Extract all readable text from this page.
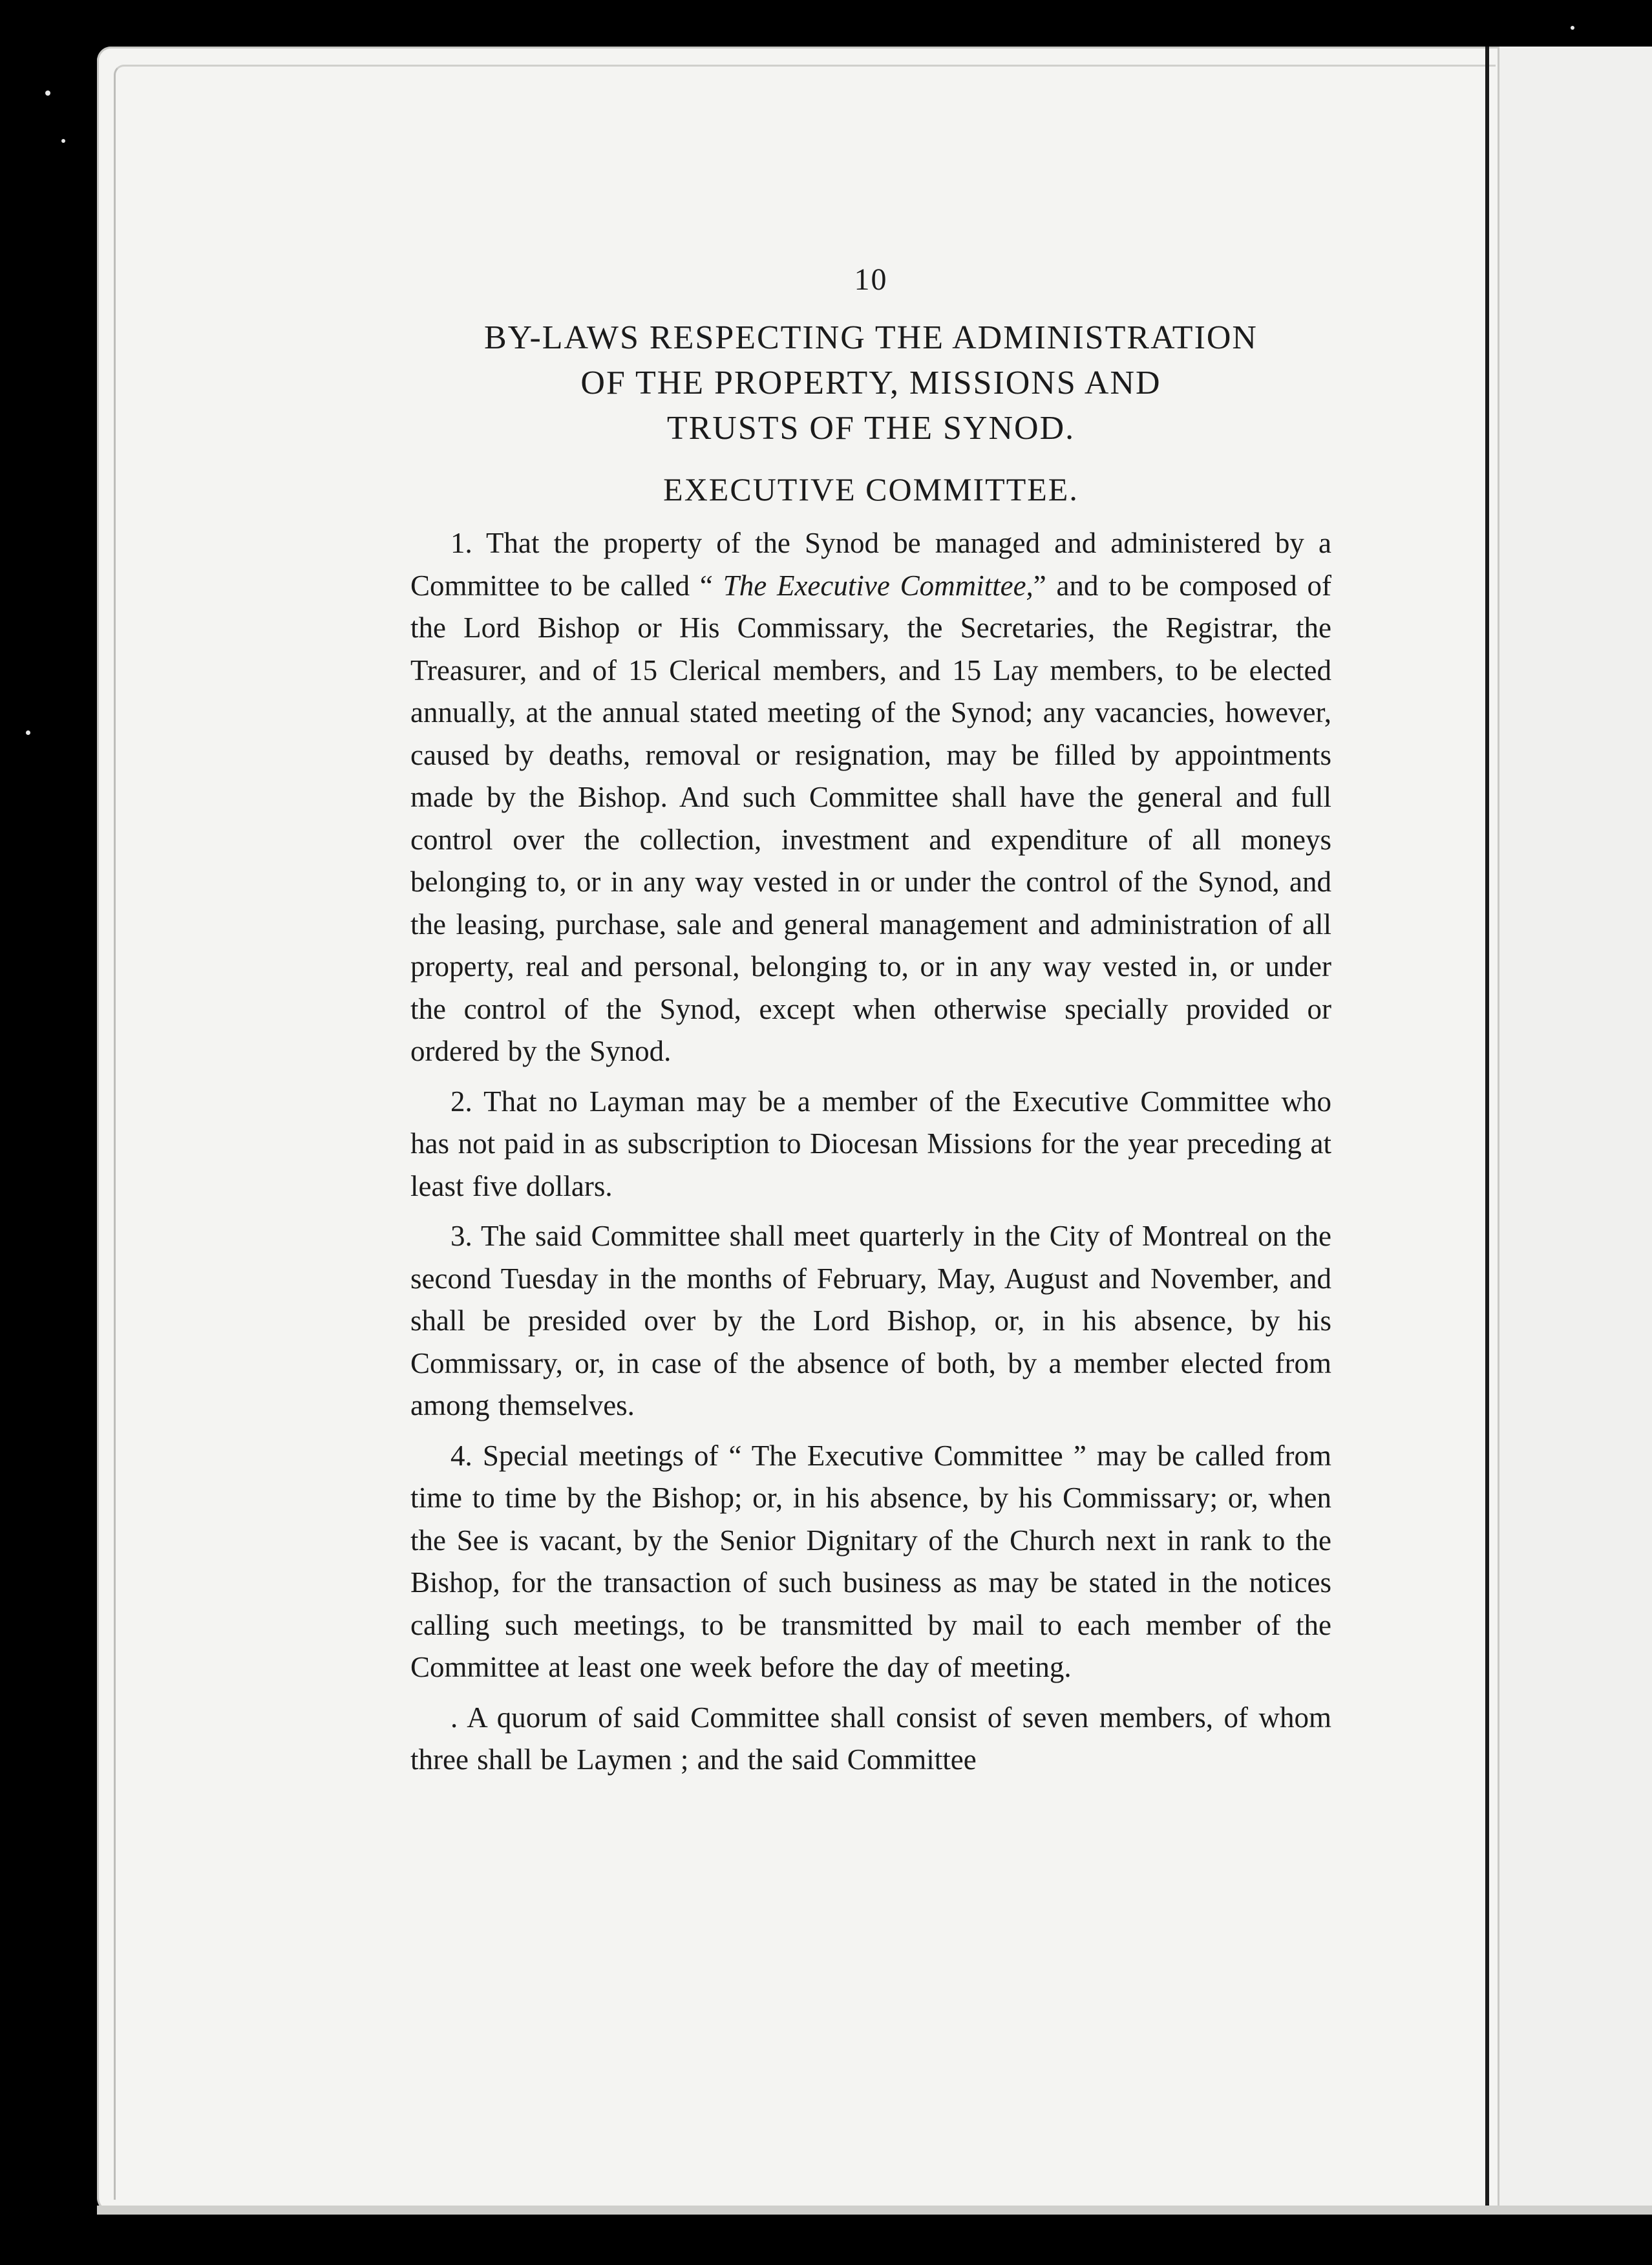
10
BY-LAWS RESPECTING THE ADMINISTRATION
OF THE PROPERTY, MISSIONS AND
TRUSTS OF THE SYNOD.
EXECUTIVE COMMITTEE.

1. That the property of the Synod be managed and administered by a Committee to be called “ The Executive Committee,” and to be composed of the Lord Bishop or His Commissary, the Secretaries, the Registrar, the Treasurer, and of 15 Clerical members, and 15 Lay members, to be elected annually, at the annual stated meeting of the Synod; any vacancies, however, caused by deaths, removal or resignation, may be filled by appointments made by the Bishop. And such Committee shall have the general and full control over the collection, investment and expenditure of all moneys belonging to, or in any way vested in or under the control of the Synod, and the leasing, purchase, sale and general management and administration of all property, real and personal, belonging to, or in any way vested in, or under the control of the Synod, except when otherwise specially provided or ordered by the Synod.

2. That no Layman may be a member of the Executive Committee who has not paid in as subscription to Diocesan Missions for the year preceding at least five dollars.

3. The said Committee shall meet quarterly in the City of Montreal on the second Tuesday in the months of February, May, August and November, and shall be presided over by the Lord Bishop, or, in his absence, by his Commissary, or, in case of the absence of both, by a member elected from among themselves.

4. Special meetings of “ The Executive Committee ” may be called from time to time by the Bishop; or, in his absence, by his Commissary; or, when the See is vacant, by the Senior Dignitary of the Church next in rank to the Bishop, for the transaction of such business as may be stated in the notices calling such meetings, to be transmitted by mail to each member of the Committee at least one week before the day of meeting.

. A quorum of said Committee shall consist of seven members, of whom three shall be Laymen ; and the said Committee
